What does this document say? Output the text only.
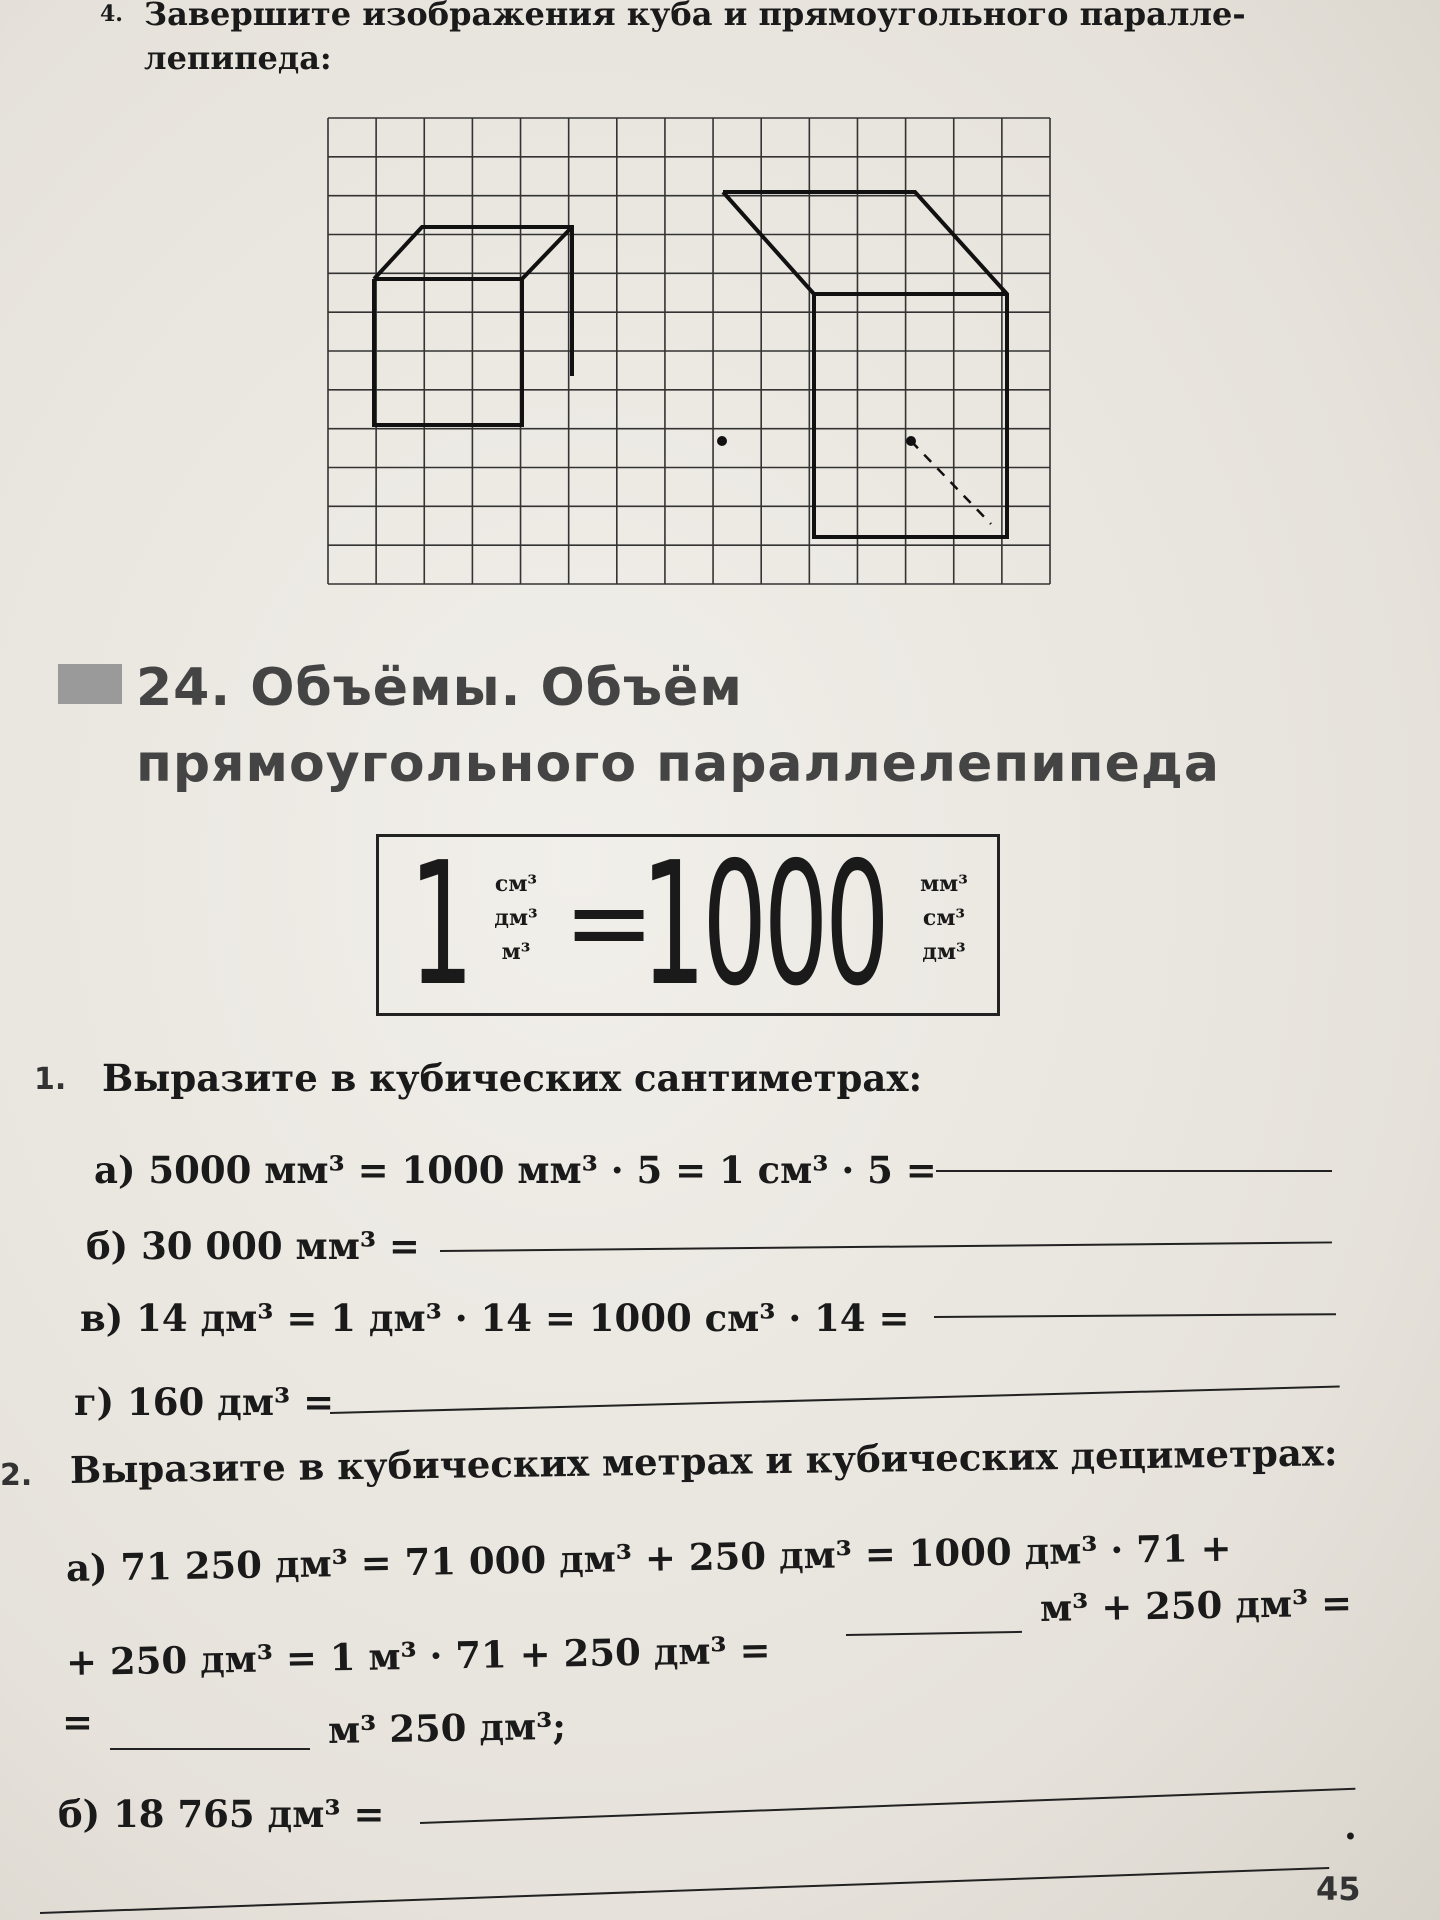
4. Завершите изображения куба и прямоугольного паралле-лепипеда:
24. Объёмы. Объём прямоугольного параллелепипеда
1 см³
дм³
м³ =
1000	мм³
см³
дм³
1. Выразите в кубических сантиметрах:
а) 5000 мм³ = 1000 мм³ · 5 = 1 см³ · 5 =
б) 30 000 мм³ =
в) 14 дм³ = 1 дм³ · 14 = 1000 см³ · 14 =
г) 160 дм³ =
2. Выразите в кубических метрах и кубических дециметрах:
а) 71 250 дм³ = 71 000 дм³ + 250 дм³ = 1000 дм³ · 71 +
+ 250 дм³ = 1 м³ · 71 + 250 дм³ =
м³ + 250 дм³ =
=	м³ 250 дм³;
б) 18 765 дм³ =	.
45
